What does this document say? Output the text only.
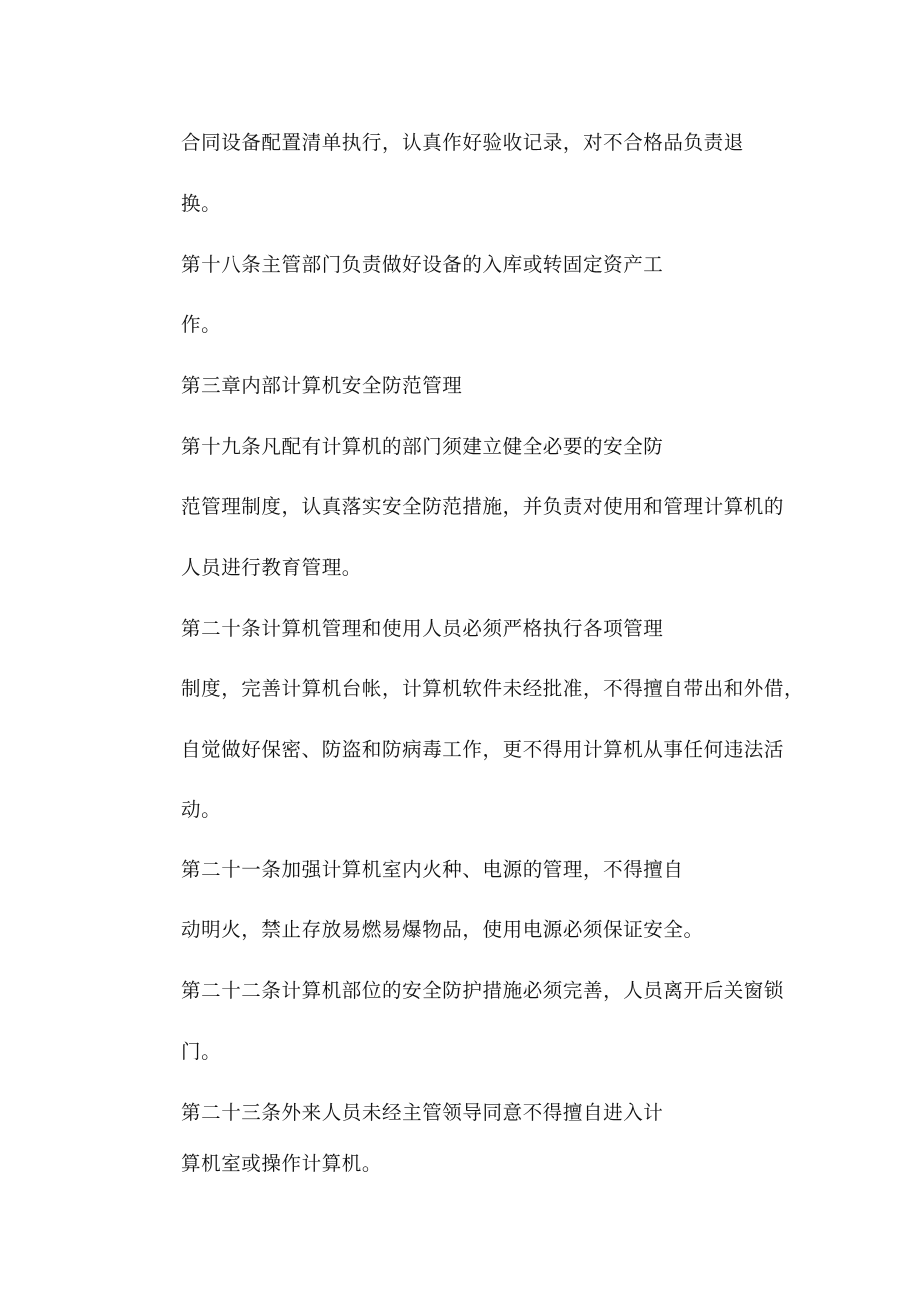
合同设备配置清单执行，认真作好验收记录，对不合格品负责退
换。
第十八条主管部门负责做好设备的入库或转固定资产工
作。
第三章内部计算机安全防范管理
第十九条凡配有计算机的部门须建立健全必要的安全防
范管理制度，认真落实安全防范措施，并负责对使用和管理计算机的
人员进行教育管理。
第二十条计算机管理和使用人员必须严格执行各项管理
制度，完善计算机台帐，计算机软件未经批准，不得擅自带出和外借，
自觉做好保密、防盗和防病毒工作，更不得用计算机从事任何违法活
动。
第二十一条加强计算机室内火种、电源的管理，不得擅自
动明火，禁止存放易燃易爆物品，使用电源必须保证安全。
第二十二条计算机部位的安全防护措施必须完善，人员离开后关窗锁
门。
第二十三条外来人员未经主管领导同意不得擅自进入计
算机室或操作计算机。
